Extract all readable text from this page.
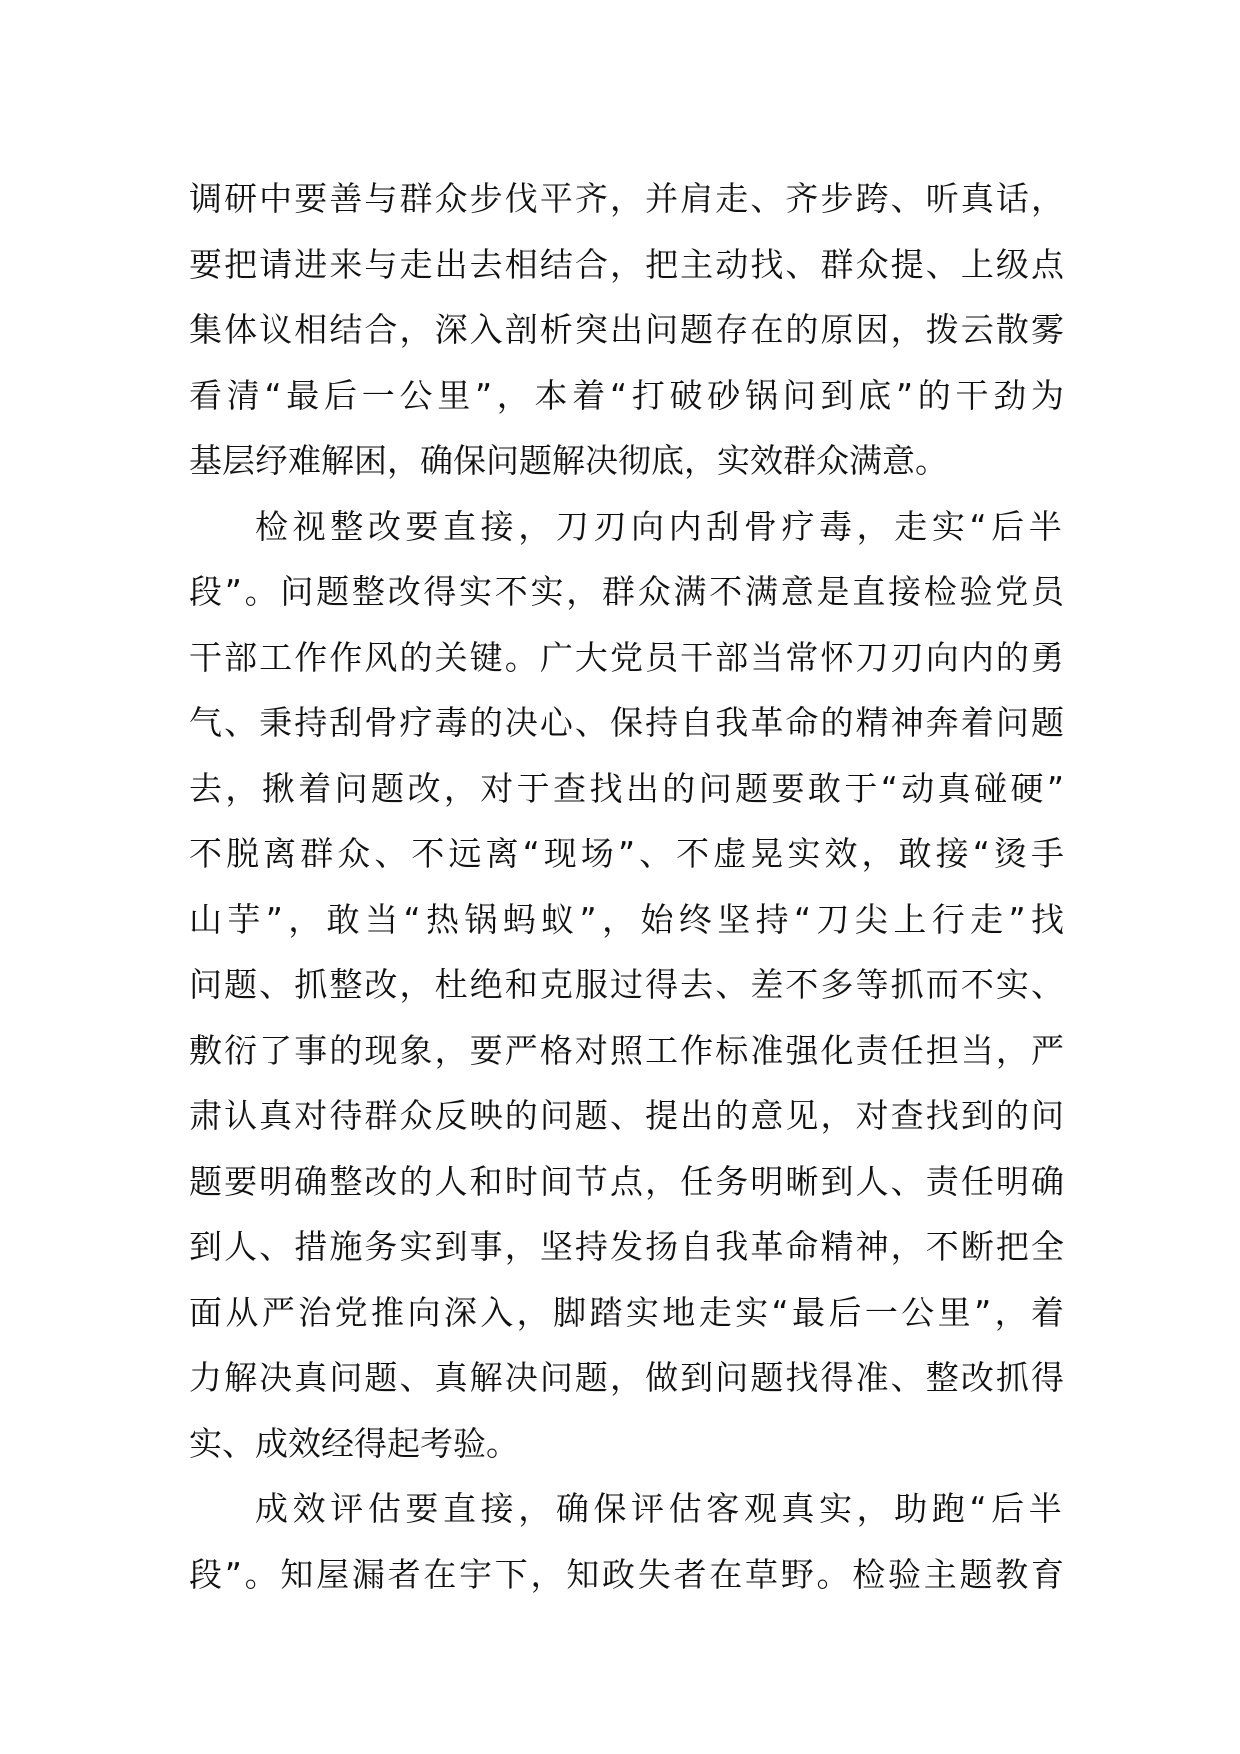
调研中要善与群众步伐平齐，并肩走、齐步跨、听真话，
要把请进来与走出去相结合，把主动找、群众提、上级点
集体议相结合，深入剖析突出问题存在的原因，拨云散雾
看清“最后一公里”，本着“打破砂锅问到底”的干劲为
基层纾难解困，确保问题解决彻底，实效群众满意。
检视整改要直接，刀刃向内刮骨疗毒，走实“后半
段”。问题整改得实不实，群众满不满意是直接检验党员
干部工作作风的关键。广大党员干部当常怀刀刃向内的勇
气、秉持刮骨疗毒的决心、保持自我革命的精神奔着问题
去，揪着问题改，对于查找出的问题要敢于“动真碰硬”
不脱离群众、不远离“现场”、不虚晃实效，敢接“烫手
山芋”，敢当“热锅蚂蚁”，始终坚持“刀尖上行走”找
问题、抓整改，杜绝和克服过得去、差不多等抓而不实、
敷衍了事的现象，要严格对照工作标准强化责任担当，严
肃认真对待群众反映的问题、提出的意见，对查找到的问
题要明确整改的人和时间节点，任务明晰到人、责任明确
到人、措施务实到事，坚持发扬自我革命精神，不断把全
面从严治党推向深入，脚踏实地走实“最后一公里”，着
力解决真问题、真解决问题，做到问题找得准、整改抓得
实、成效经得起考验。
成效评估要直接，确保评估客观真实，助跑“后半
段”。知屋漏者在宇下，知政失者在草野。检验主题教育
